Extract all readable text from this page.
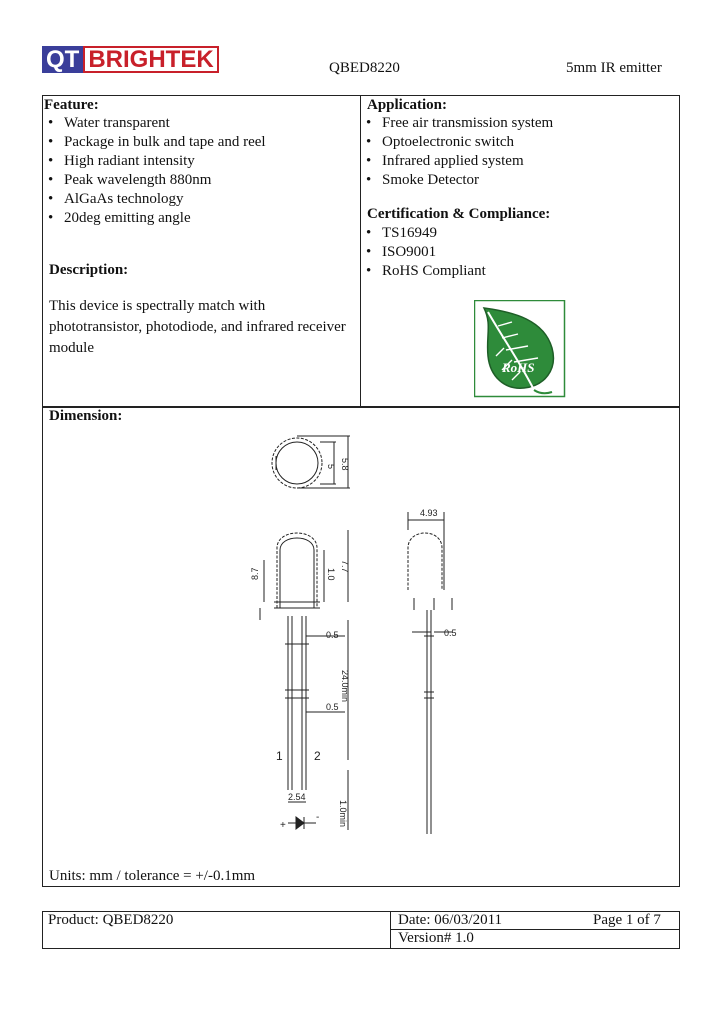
QT BRIGHTEK	QBED8220	5mm IR emitter
Feature:
• Water transparent
• Package in bulk and tape and reel
• High radiant intensity
• Peak wavelength 880nm
• AlGaAs technology
• 20deg emitting angle
Description:
This device is spectrally match with phototransistor, photodiode, and infrared receiver module
Application:
• Free air transmission system
• Optoelectronic switch
• Infrared applied system
• Smoke Detector
Certification & Compliance:
• TS16949
• ISO9001
• RoHS Compliant
RoHS
Dimension:
5 5.8
8.7	1.0
7.7
0.5
0.5
24.0min
1	2
2.54
1.0min
+
-
4.93
0.5
Units: mm / tolerance = +/-0.1mm
Product: QBED8220	Date: 06/03/2011	Page 1 of 7
Version# 1.0
